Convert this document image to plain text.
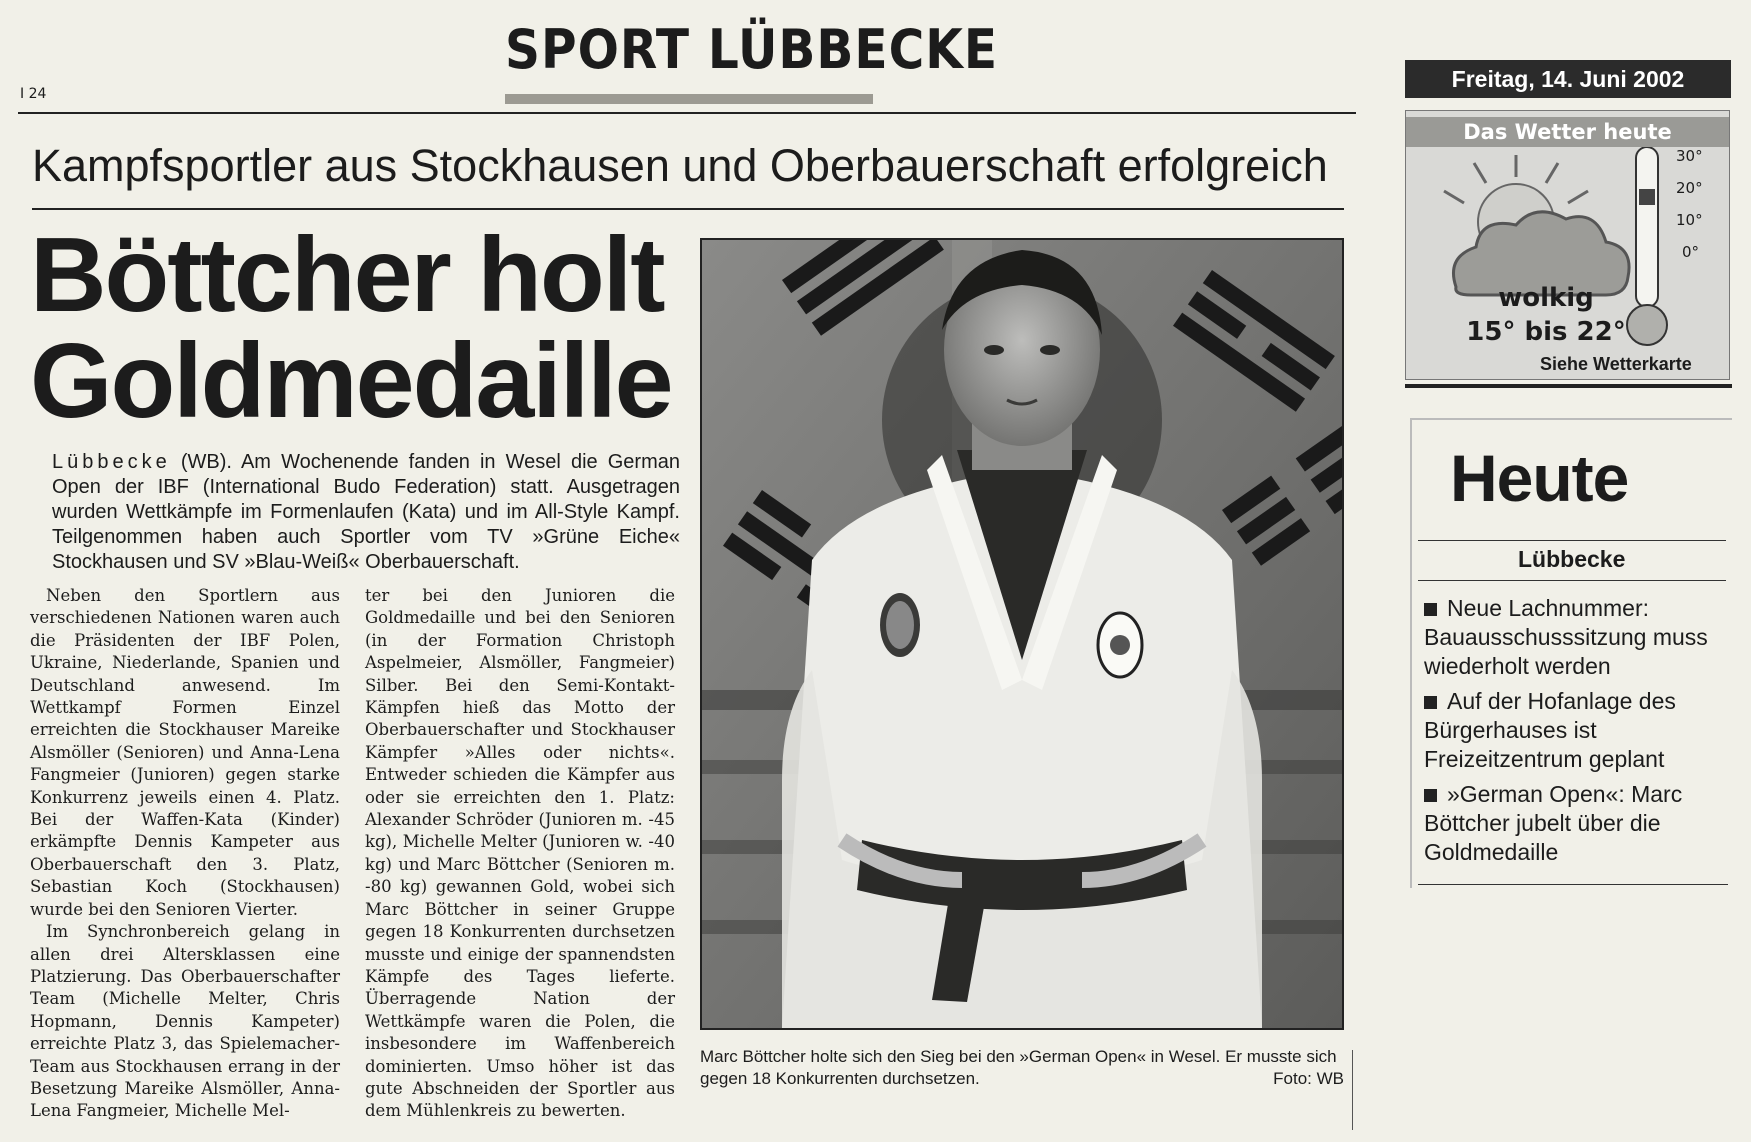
I 24
SPORT LÜBBECKE
Kampfsportler aus Stockhausen und Oberbauerschaft erfolgreich
Böttcher holt
Goldmedaille
Lübbecke (WB). Am Wochenende fanden in Wesel die German Open der IBF (International Budo Federation) statt. Ausgetragen wurden Wettkämpfe im Formenlaufen (Kata) und im All-Style Kampf. Teilgenommen haben auch Sportler vom TV »Grüne Eiche« Stockhausen und SV »Blau-Weiß« Oberbauerschaft.

Neben den Sportlern aus verschiedenen Nationen waren auch die Präsidenten der IBF Polen, Ukraine, Niederlande, Spanien und Deutschland anwesend. Im Wettkampf Formen Einzel erreichten die Stockhauser Mareike Alsmöller (Senioren) und Anna-Lena Fangmeier (Junioren) gegen starke Konkurrenz jeweils einen 4. Platz. Bei der Waffen-Kata (Kinder) erkämpfte Dennis Kampeter aus Oberbauerschaft den 3. Platz, Sebastian Koch (Stockhausen) wurde bei den Senioren Vierter.

Im Synchronbereich gelang in allen drei Altersklassen eine Platzierung. Das Oberbauerschafter Team (Michelle Melter, Chris Hopmann, Dennis Kampeter) erreichte Platz 3, das Spielemacher-Team aus Stockhausen errang in der Besetzung Mareike Alsmöller, Anna-Lena Fangmeier, Michelle Mel-

ter bei den Junioren die Goldmedaille und bei den Senioren (in der Formation Christoph Aspelmeier, Alsmöller, Fangmeier) Silber. Bei den Semi-Kontakt-Kämpfen hieß das Motto der Oberbauerschafter und Stockhauser Kämpfer »Alles oder nichts«. Entweder schieden die Kämpfer aus oder sie erreichten den 1. Platz: Alexander Schröder (Junioren m. -45 kg), Michelle Melter (Junioren w. -40 kg) und Marc Böttcher (Senioren m. -80 kg) gewannen Gold, wobei sich Marc Böttcher in seiner Gruppe gegen 18 Konkurrenten durchsetzen musste und einige der spannendsten Kämpfe des Tages lieferte. Überragende Nation der Wettkämpfe waren die Polen, die insbesondere im Waffenbereich dominierten. Umso höher ist das gute Abschneiden der Sportler aus dem Mühlenkreis zu bewerten.

Marc Böttcher holte sich den Sieg bei den »German Open« in Wesel. Er musste sich gegen 18 Konkurrenten durchsetzen.	Foto: WB
Freitag, 14. Juni 2002
Das Wetter heute
30°
20°
10°
0°
wolkig
15° bis 22°
Siehe Wetterkarte
Heute
Lübbecke
Neue Lachnummer: Bauausschusssitzung muss wiederholt werden
Auf der Hofanlage des Bürgerhauses ist Freizeitzentrum geplant
»German Open«: Marc Böttcher jubelt über die Goldmedaille
